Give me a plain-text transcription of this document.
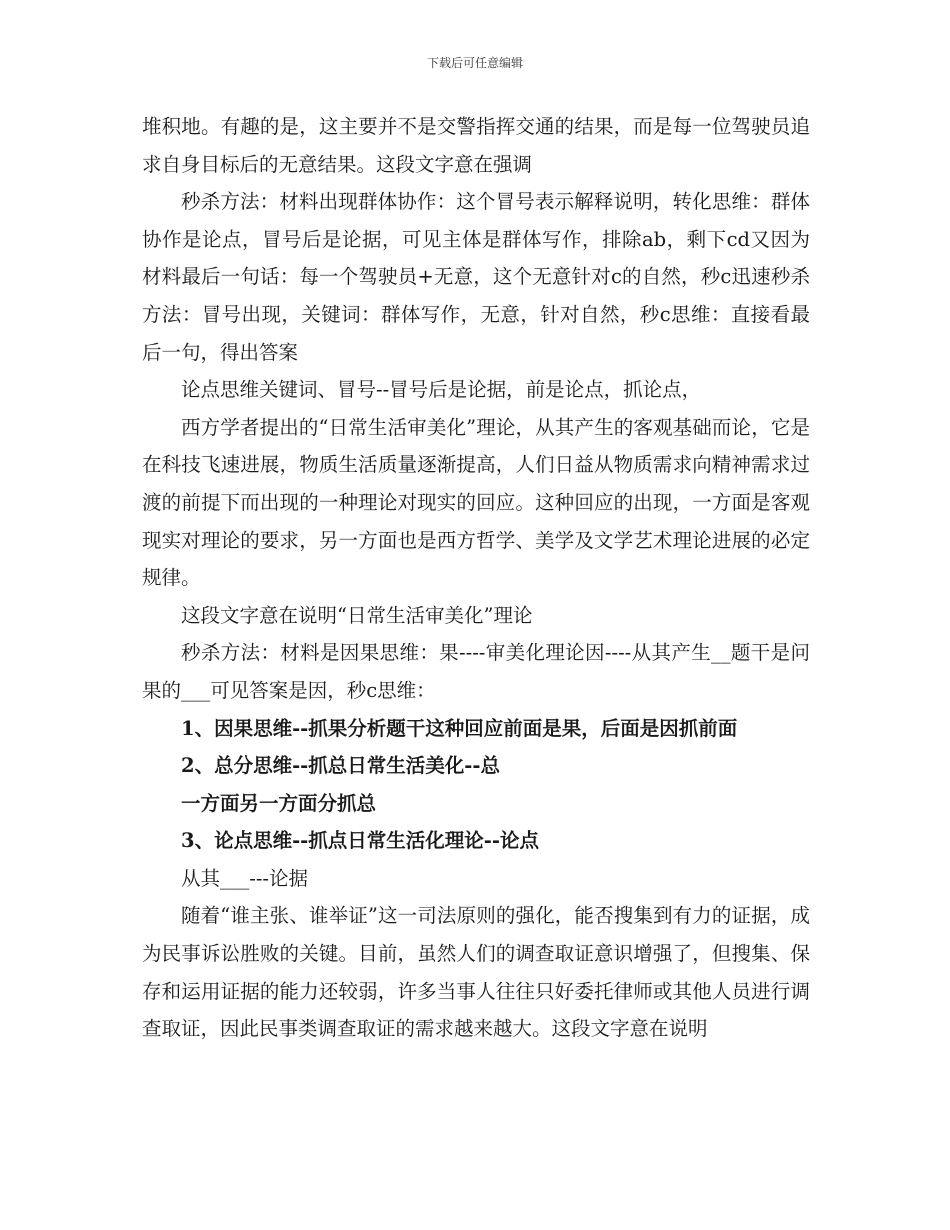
下载后可任意编辑

堆积地。有趣的是，这主要并不是交警指挥交通的结果，而是每一位驾驶员追求自身目标后的无意结果。这段文字意在强调

秒杀方法：材料出现群体协作：这个冒号表示解释说明，转化思维：群体协作是论点，冒号后是论据，可见主体是群体写作，排除ab，剩下cd又因为材料最后一句话：每一个驾驶员+无意，这个无意针对c的自然，秒c迅速秒杀方法：冒号出现，关键词：群体写作，无意，针对自然，秒c思维：直接看最后一句，得出答案

论点思维关键词、冒号--冒号后是论据，前是论点，抓论点，

西方学者提出的“日常生活审美化”理论，从其产生的客观基础而论，它是在科技飞速进展，物质生活质量逐渐提高，人们日益从物质需求向精神需求过渡的前提下而出现的一种理论对现实的回应。这种回应的出现，一方面是客观现实对理论的要求，另一方面也是西方哲学、美学及文学艺术理论进展的必定规律。

这段文字意在说明“日常生活审美化”理论

秒杀方法：材料是因果思维：果----审美化理论因----从其产生__题干是问果的___可见答案是因，秒c思维：

1、因果思维--抓果分析题干这种回应前面是果，后面是因抓前面

2、总分思维--抓总日常生活美化--总

一方面另一方面分抓总

3、论点思维--抓点日常生活化理论--论点

从其___---论据

随着“谁主张、谁举证”这一司法原则的强化，能否搜集到有力的证据，成为民事诉讼胜败的关键。目前，虽然人们的调查取证意识增强了，但搜集、保存和运用证据的能力还较弱，许多当事人往往只好委托律师或其他人员进行调查取证，因此民事类调查取证的需求越来越大。这段文字意在说明
